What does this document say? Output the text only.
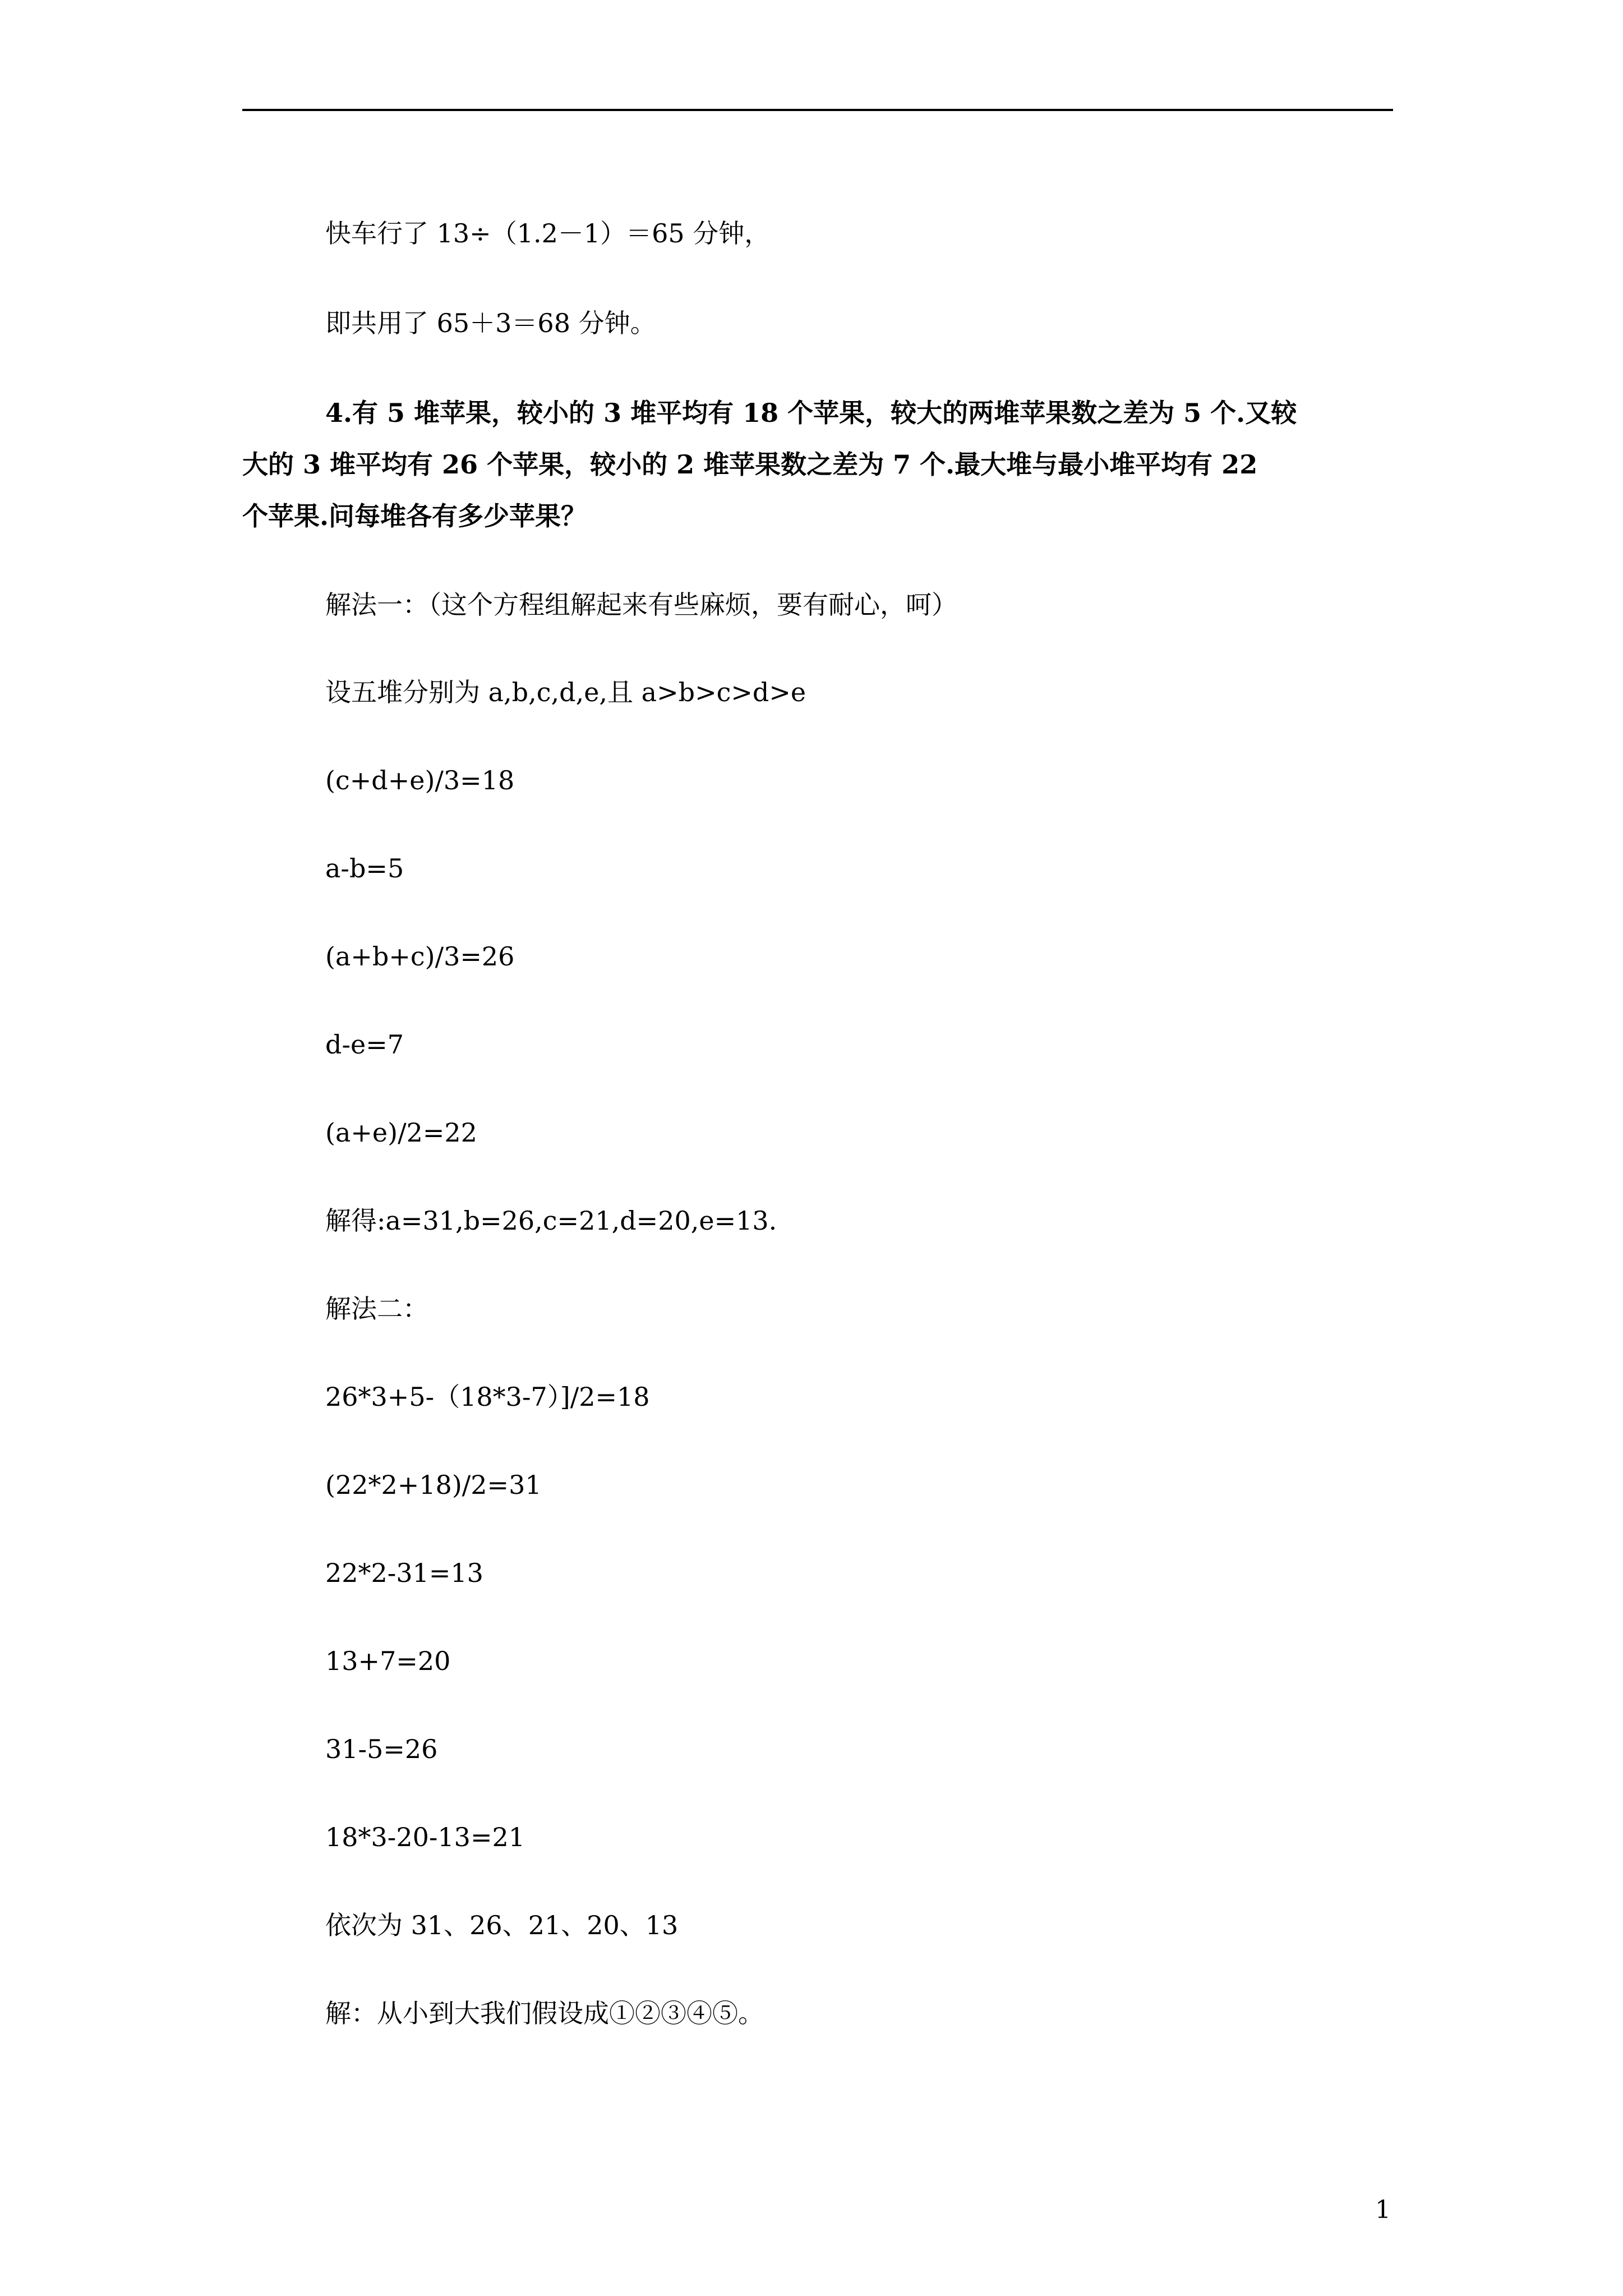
快车行了 13÷（1.2－1）＝65 分钟，
即共用了 65＋3＝68 分钟。
4.有 5 堆苹果，较小的 3 堆平均有 18 个苹果，较大的两堆苹果数之差为 5 个.又较
大的 3 堆平均有 26 个苹果，较小的 2 堆苹果数之差为 7 个.最大堆与最小堆平均有 22
个苹果.问每堆各有多少苹果？
解法一：（这个方程组解起来有些麻烦，要有耐心，呵）
设五堆分别为 a,b,c,d,e,且 a>b>c>d>e
(c+d+e)/3=18
a-b=5
(a+b+c)/3=26
d-e=7
(a+e)/2=22
解得:a=31,b=26,c=21,d=20,e=13.
解法二：
26*3+5-（18*3-7）]/2=18
(22*2+18)/2=31
22*2-31=13
13+7=20
31-5=26
18*3-20-13=21
依次为 31、26、21、20、13
解：从小到大我们假设成①②③④⑤。
1
